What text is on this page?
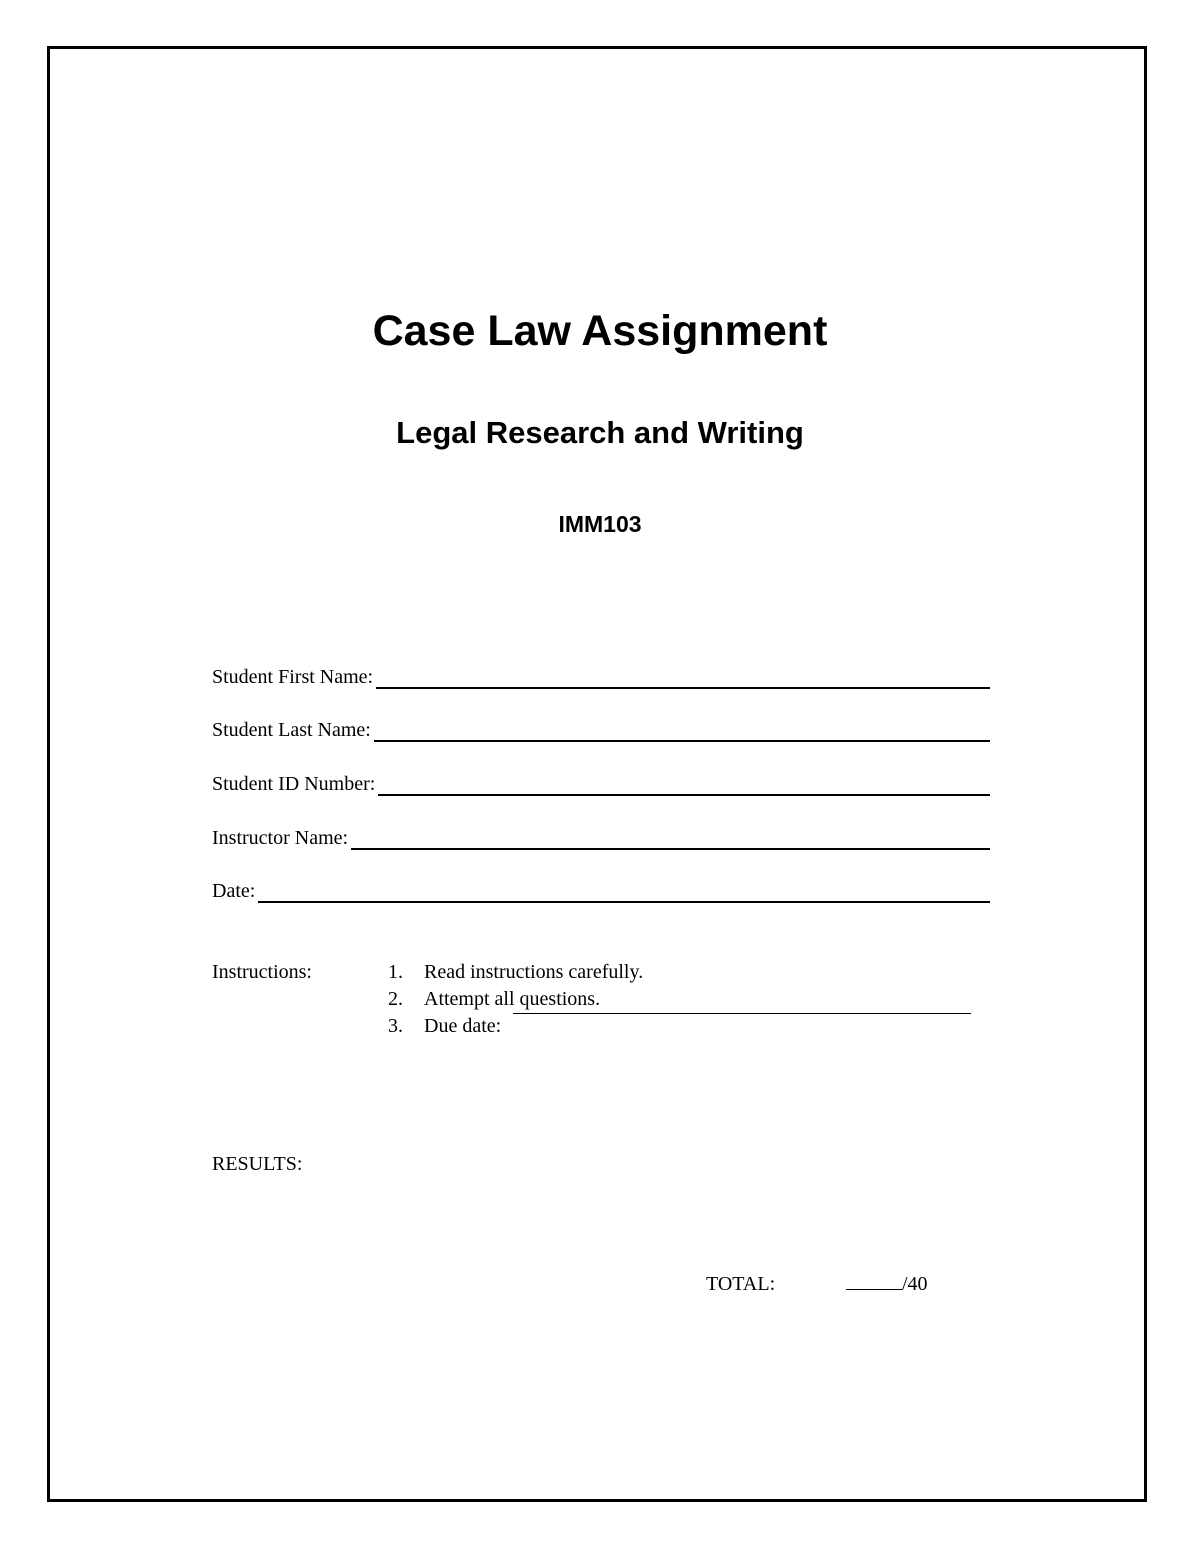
Case Law Assignment
Legal Research and Writing
IMM103
Student First Name:
Student Last Name:
Student ID Number:
Instructor Name:
Date:
Instructions:	1.	Read instructions carefully.
2.	Attempt all questions.
3.	Due date:
RESULTS:
TOTAL:	/40
